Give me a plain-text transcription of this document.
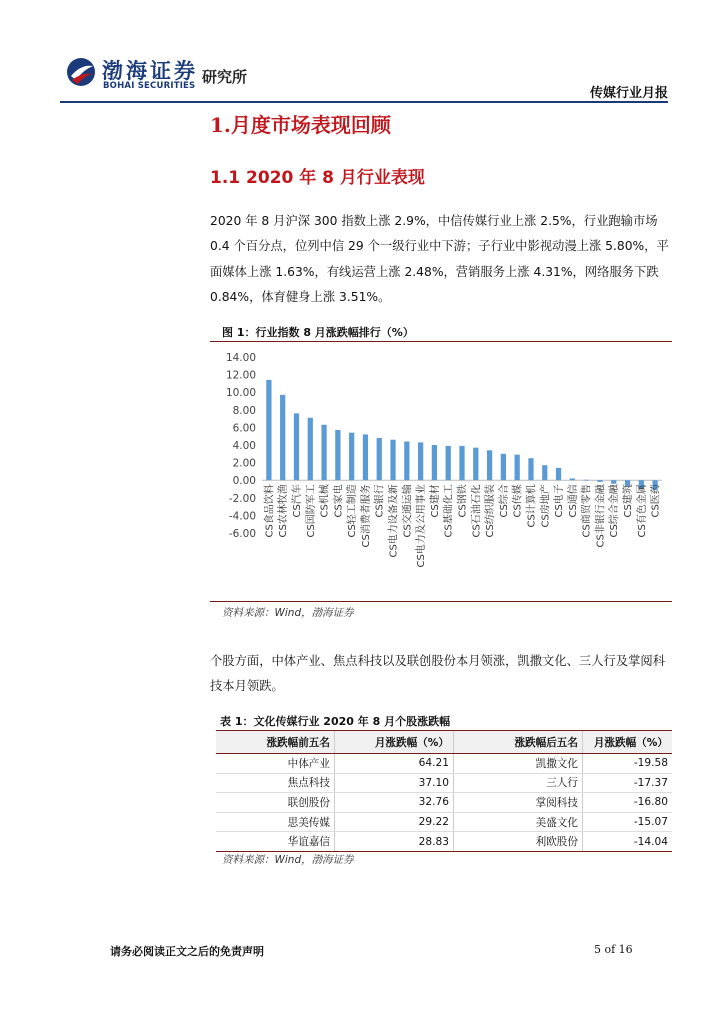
渤海证券
BOHAI SECURITIES 研究所
传媒行业月报
1.月度市场表现回顾
1.1 2020 年 8 月行业表现
2020 年 8 月沪深 300 指数上涨 2.9%，中信传媒行业上涨 2.5%，行业跑输市场 0.4 个百分点，位列中信 29 个一级行业中下游；子行业中影视动漫上涨 5.80%，平面媒体上涨 1.63%，有线运营上涨 2.48%，营销服务上涨 4.31%，网络服务下跌 0.84%，体育健身上涨 3.51%。
图 1：行业指数 8 月涨跌幅排行（%）
14.00
12.00
10.00
8.00
6.00
4.00
2.00
0.00
-2.00
-4.00
-6.00 CS食品饮料 CS农林牧渔 CS汽车 CS国防军工 CS机械 CS家电 CS轻工制造 CS消费者服务 CS银行 CS电力设备及新 CS交通运输 CS电力及公用事业 CS建材 CS基础化工 CS钢铁 CS石油石化 CS纺织服装 CS综合 CS传媒 CS计算机 CS房地产 CS电子 CS通信 CS商贸零售 CS非银行金融 CS综合金融 CS建筑 CS有色金属 CS医药
资料来源：Wind，渤海证券
个股方面，中体产业、焦点科技以及联创股份本月领涨，凯撒文化、三人行及掌阅科技本月领跌。
表 1：文化传媒行业 2020 年 8 月个股涨跌幅
涨跌幅前五名	月涨跌幅（%）	涨跌幅后五名	月涨跌幅（%）
中体产业	64.21	凯撒文化	-19.58
焦点科技	37.10	三人行	-17.37
联创股份	32.76	掌阅科技	-16.80
思美传媒	29.22	美盛文化	-15.07
华谊嘉信	28.83	利欧股份	-14.04
资料来源：Wind，渤海证券
请务必阅读正文之后的免责声明	5 of 16
